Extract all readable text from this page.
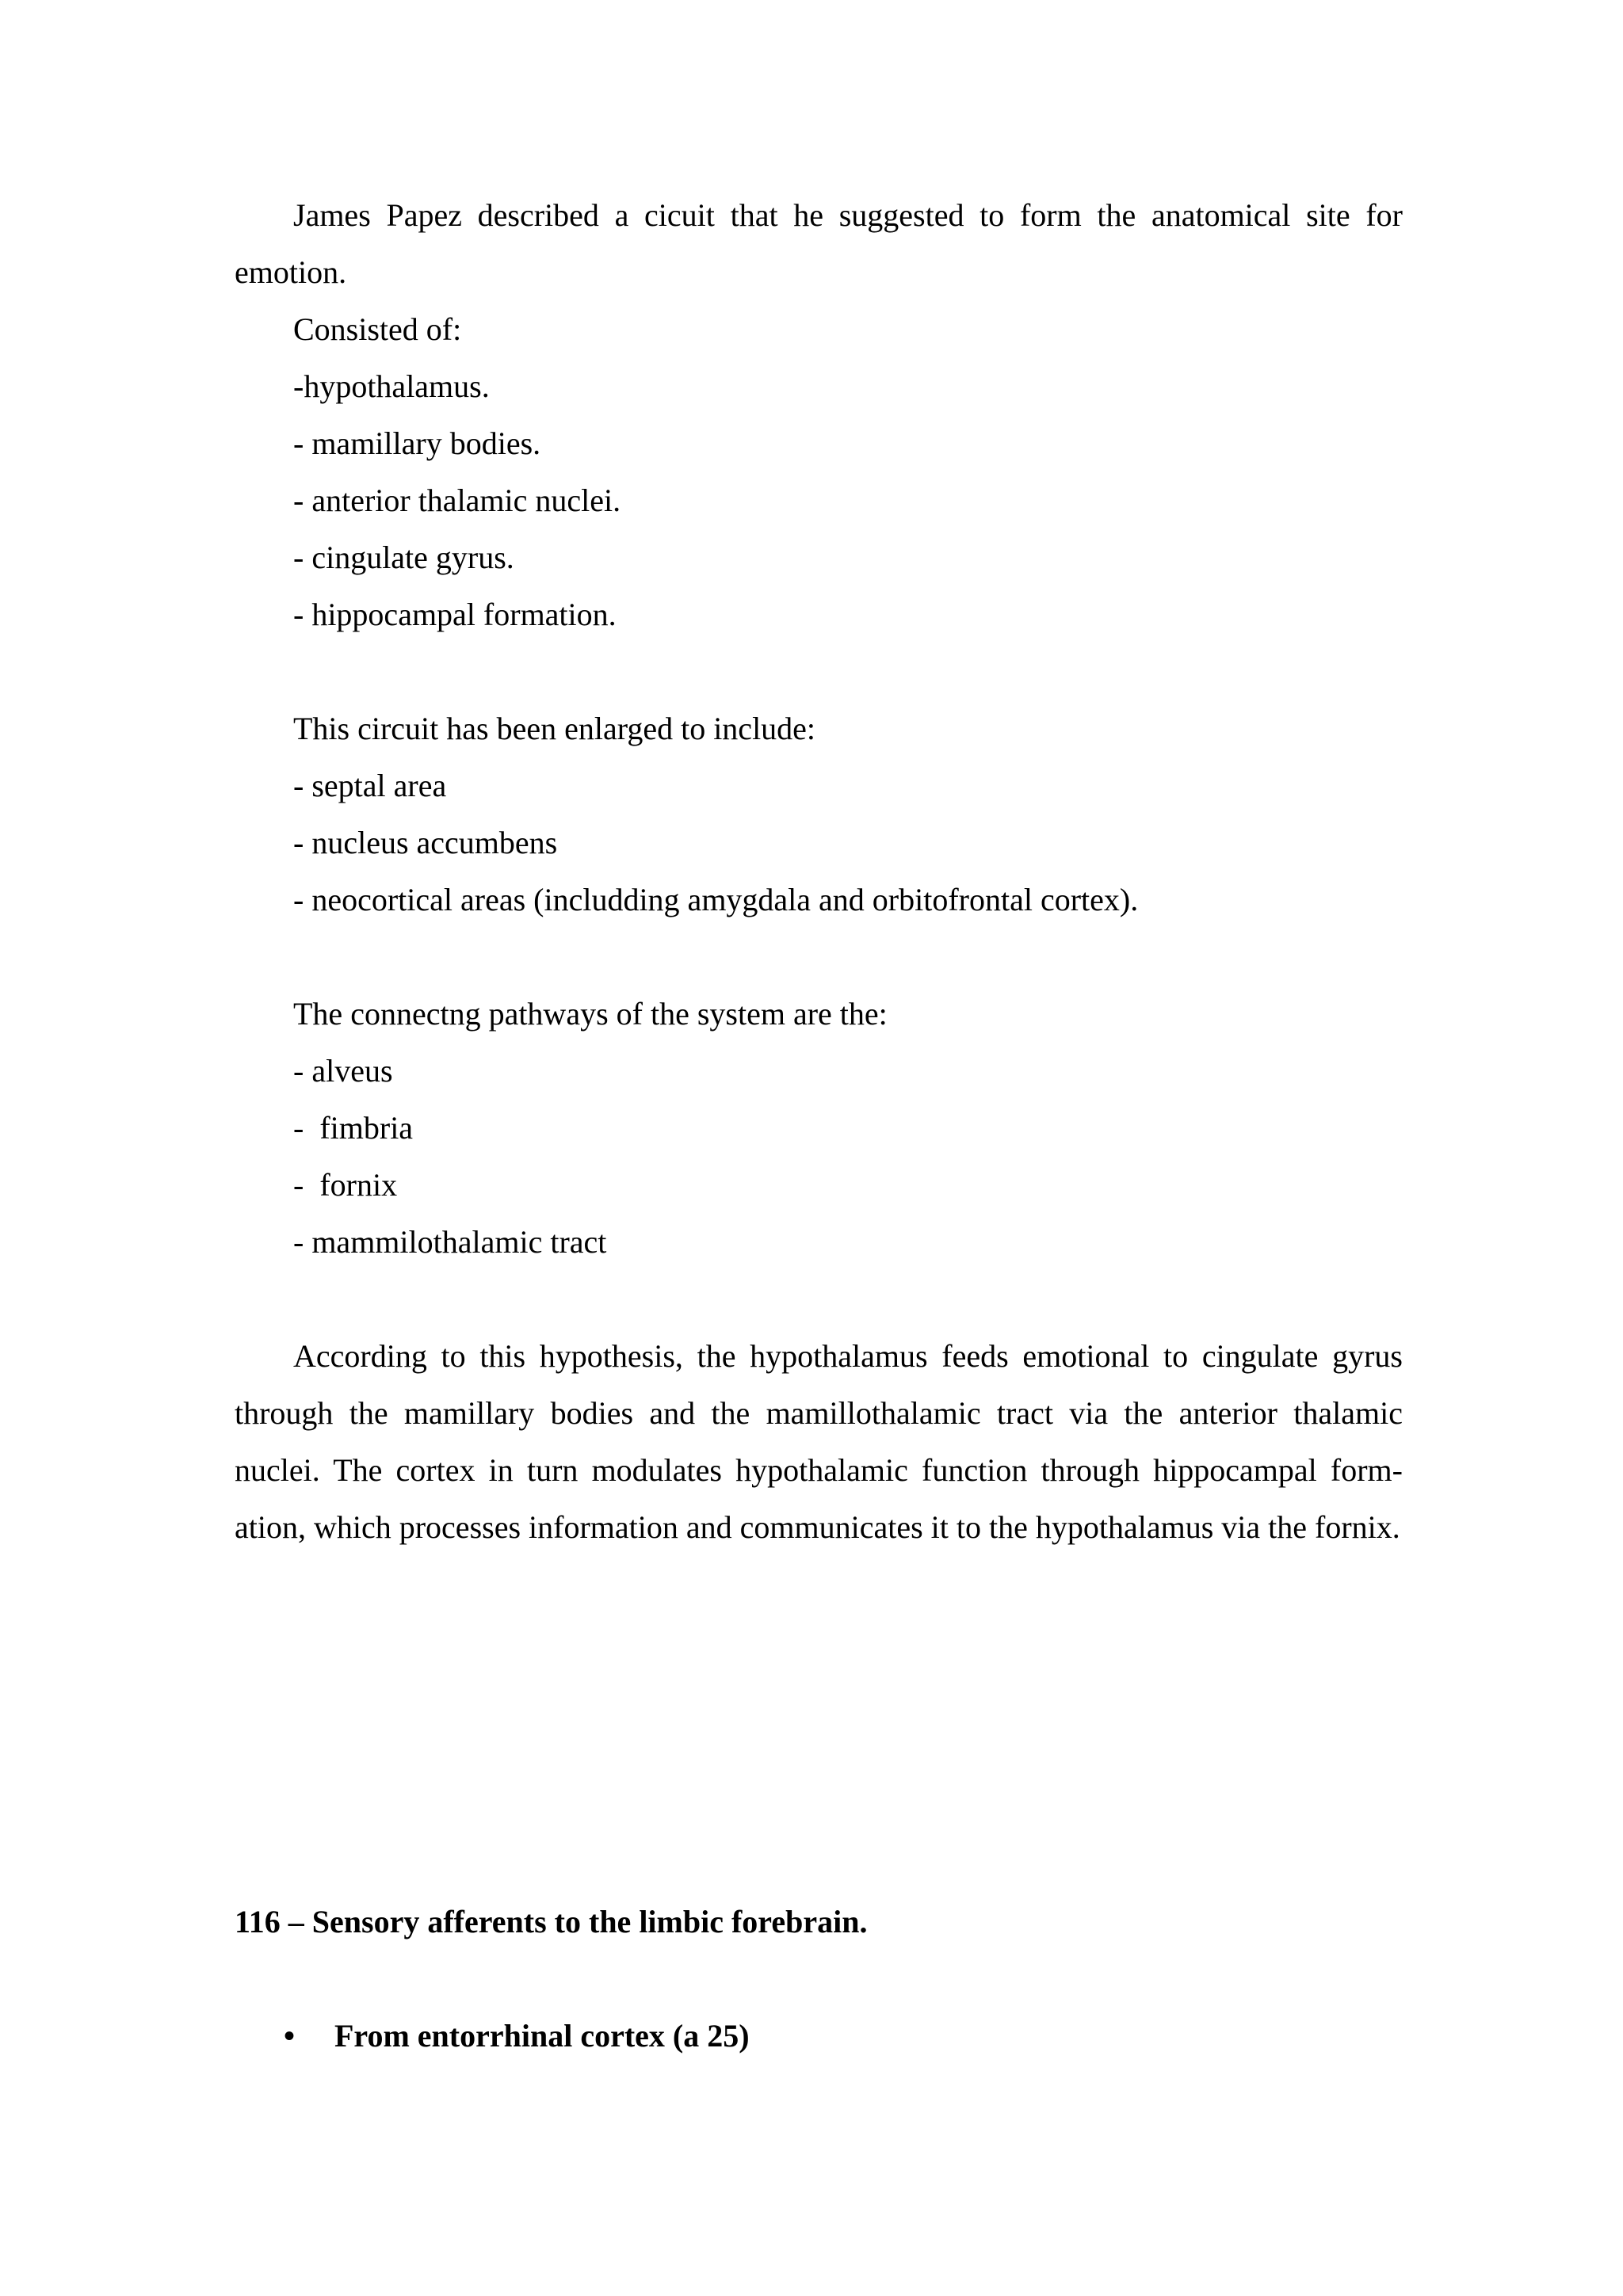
James Papez described a cicuit that he suggested to form the anatomical site for emotion.

Consisted of:

-hypothalamus.

- mamillary bodies.

- anterior thalamic nuclei.

- cingulate gyrus.

- hippocampal formation.

This circuit has been enlarged to include:

- septal area

- nucleus accumbens

- neocortical areas (includding amygdala and orbitofrontal cortex).

The connectng pathways of the system are the:

- alveus

-  fimbria

-  fornix

- mammilothalamic tract

According to this hypothesis, the hypothalamus feeds emotional to cingulate gyrus through the mamillary bodies and the mamillothalamic tract via the anterior thalamic nuclei. The cortex in turn modulates hypothalamic function through hippocampal form-ation, which processes information and communicates it to the hypothalamus via the fornix.

116 – Sensory afferents to the limbic forebrain.

•	From entorrhinal cortex (a 25)
